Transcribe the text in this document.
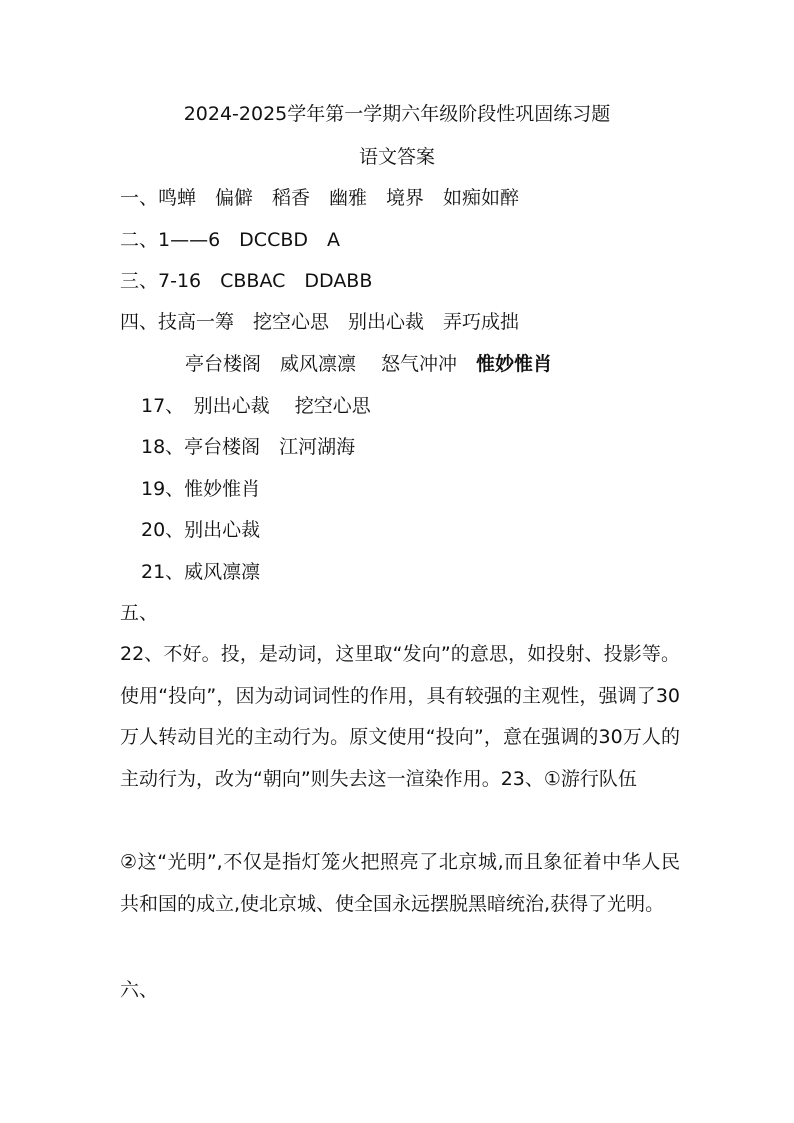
2024-2025学年第一学期六年级阶段性巩固练习题
语文答案
一、鸣蝉　偏僻　稻香　幽雅　境界　如痴如醉
二、1——6　DCCBD　A
三、7-16　CBBAC　DDABB
四、技高一筹　挖空心思　别出心裁　弄巧成拙
亭台楼阁　威风凛凛　 怒气冲冲　惟妙惟肖
17、　别出心裁　 挖空心思
18、亭台楼阁　江河湖海
19、惟妙惟肖
20、别出心裁
21、威风凛凛
五、
22、不好。投，是动词，这里取“发向”的意思，如投射、投影等。使用“投向”，因为动词词性的作用，具有较强的主观性，强调了30万人转动目光的主动行为。原文使用“投向”，意在强调的30万人的主动行为，改为“朝向”则失去这一渲染作用。23、①游行队伍
②这“光明”,不仅是指灯笼火把照亮了北京城,而且象征着中华人民共和国的成立,使北京城、使全国永远摆脱黑暗统治,获得了光明。
六、
